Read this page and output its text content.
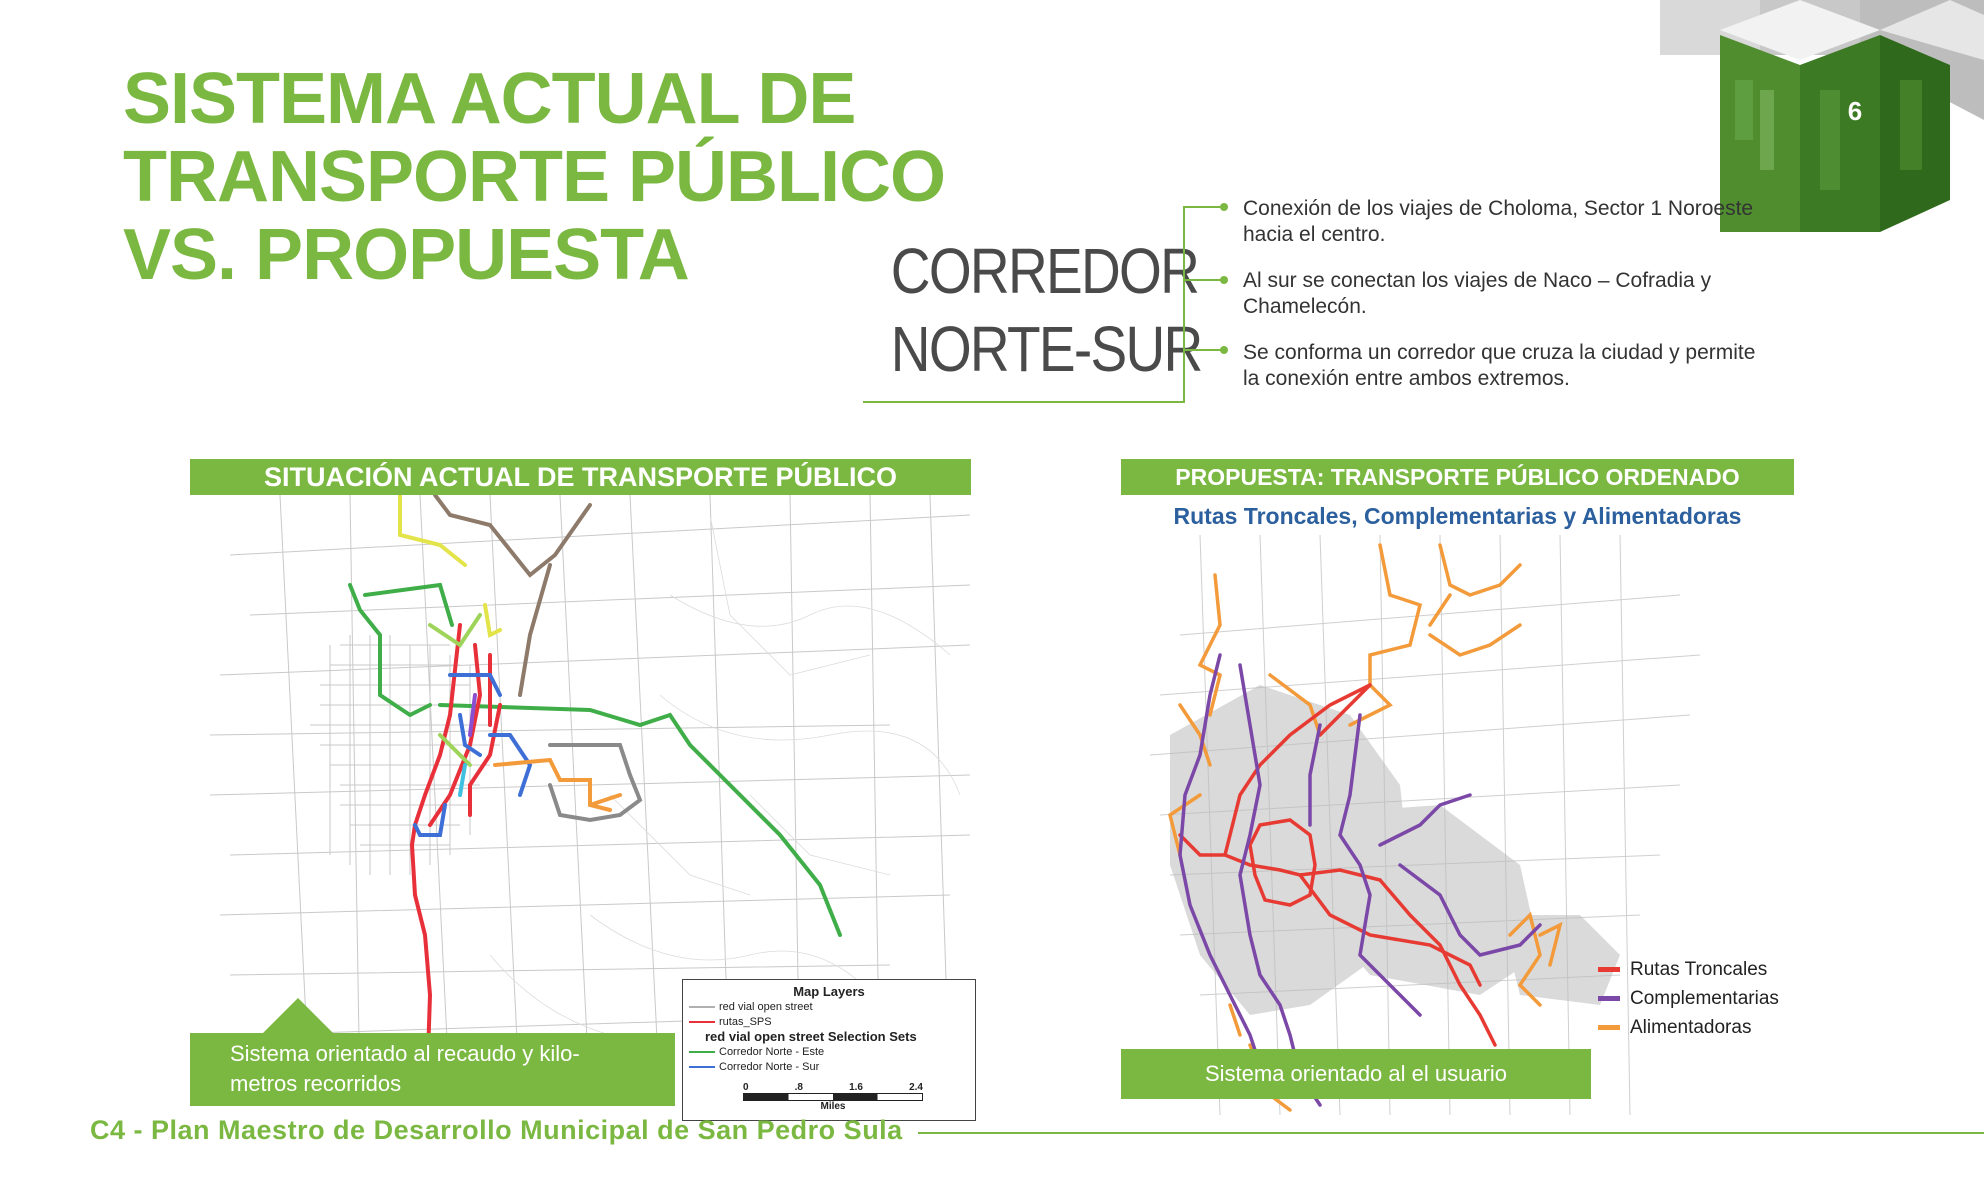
6
SISTEMA ACTUAL DE
TRANSPORTE PÚBLICO
VS. PROPUESTA	CORREDOR
NORTE-SUR
Conexión de los viajes de Choloma, Sector 1 Noroeste hacia el centro.
Al sur se conectan los viajes de Naco – Cofradia y Chamelecón.
Se conforma un corredor que cruza la ciudad y permite la conexión entre ambos extremos.
SITUACIÓN ACTUAL DE TRANSPORTE PÚBLICO
Map Layers
red vial open street
rutas_SPS
red vial open street Selection Sets
Corredor Norte - Este
Corredor Norte - Sur
0	.8	1.6	2.4
Miles
Sistema orientado al recaudo y kilo-
metros recorridos
PROPUESTA: TRANSPORTE PÚBLICO ORDENADO
Rutas Troncales, Complementarias y Alimentadoras
Rutas Troncales
Complementarias
Alimentadoras
Sistema orientado al el usuario
C4 - Plan Maestro de Desarrollo Municipal de San Pedro Sula
